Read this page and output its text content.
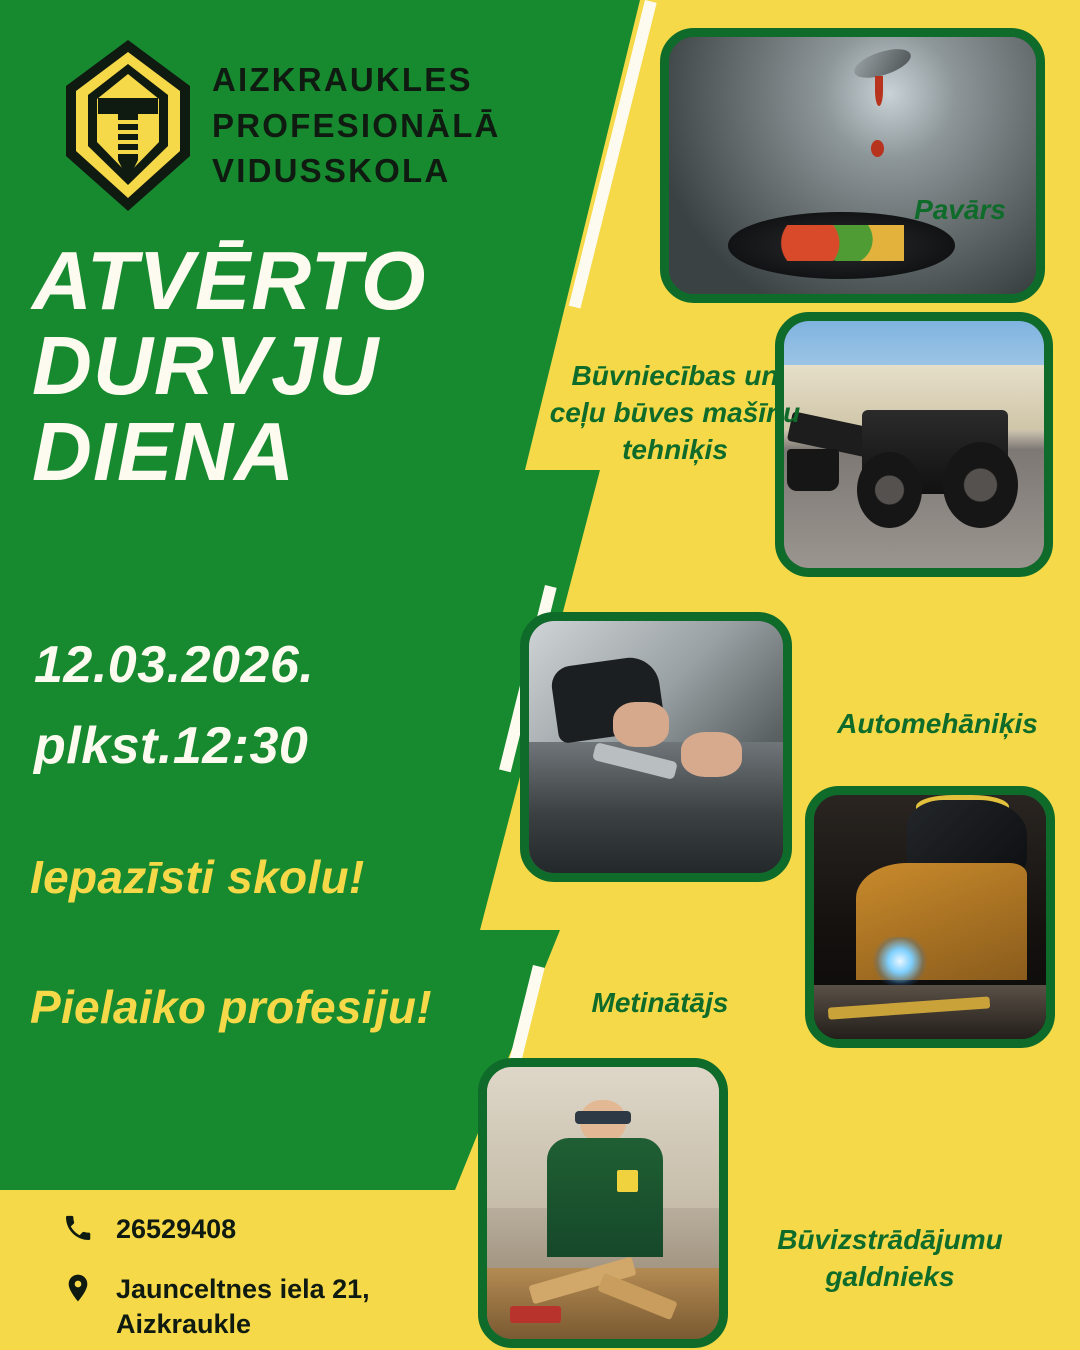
AIZKRAUKLES
PROFESIONĀLĀ
VIDUSSKOLA
ATVĒRTO
DURVJU
DIENA
12.03.2026.
plkst.12:30
Iepazīsti skolu!
Pielaiko profesiju!
26529408
Jaunceltnes iela 21,
Aizkraukle
Pavārs
Būvniecības un ceļu būves mašīnu tehniķis
Automehāniķis
Metinātājs
Būvizstrādājumu galdnieks
